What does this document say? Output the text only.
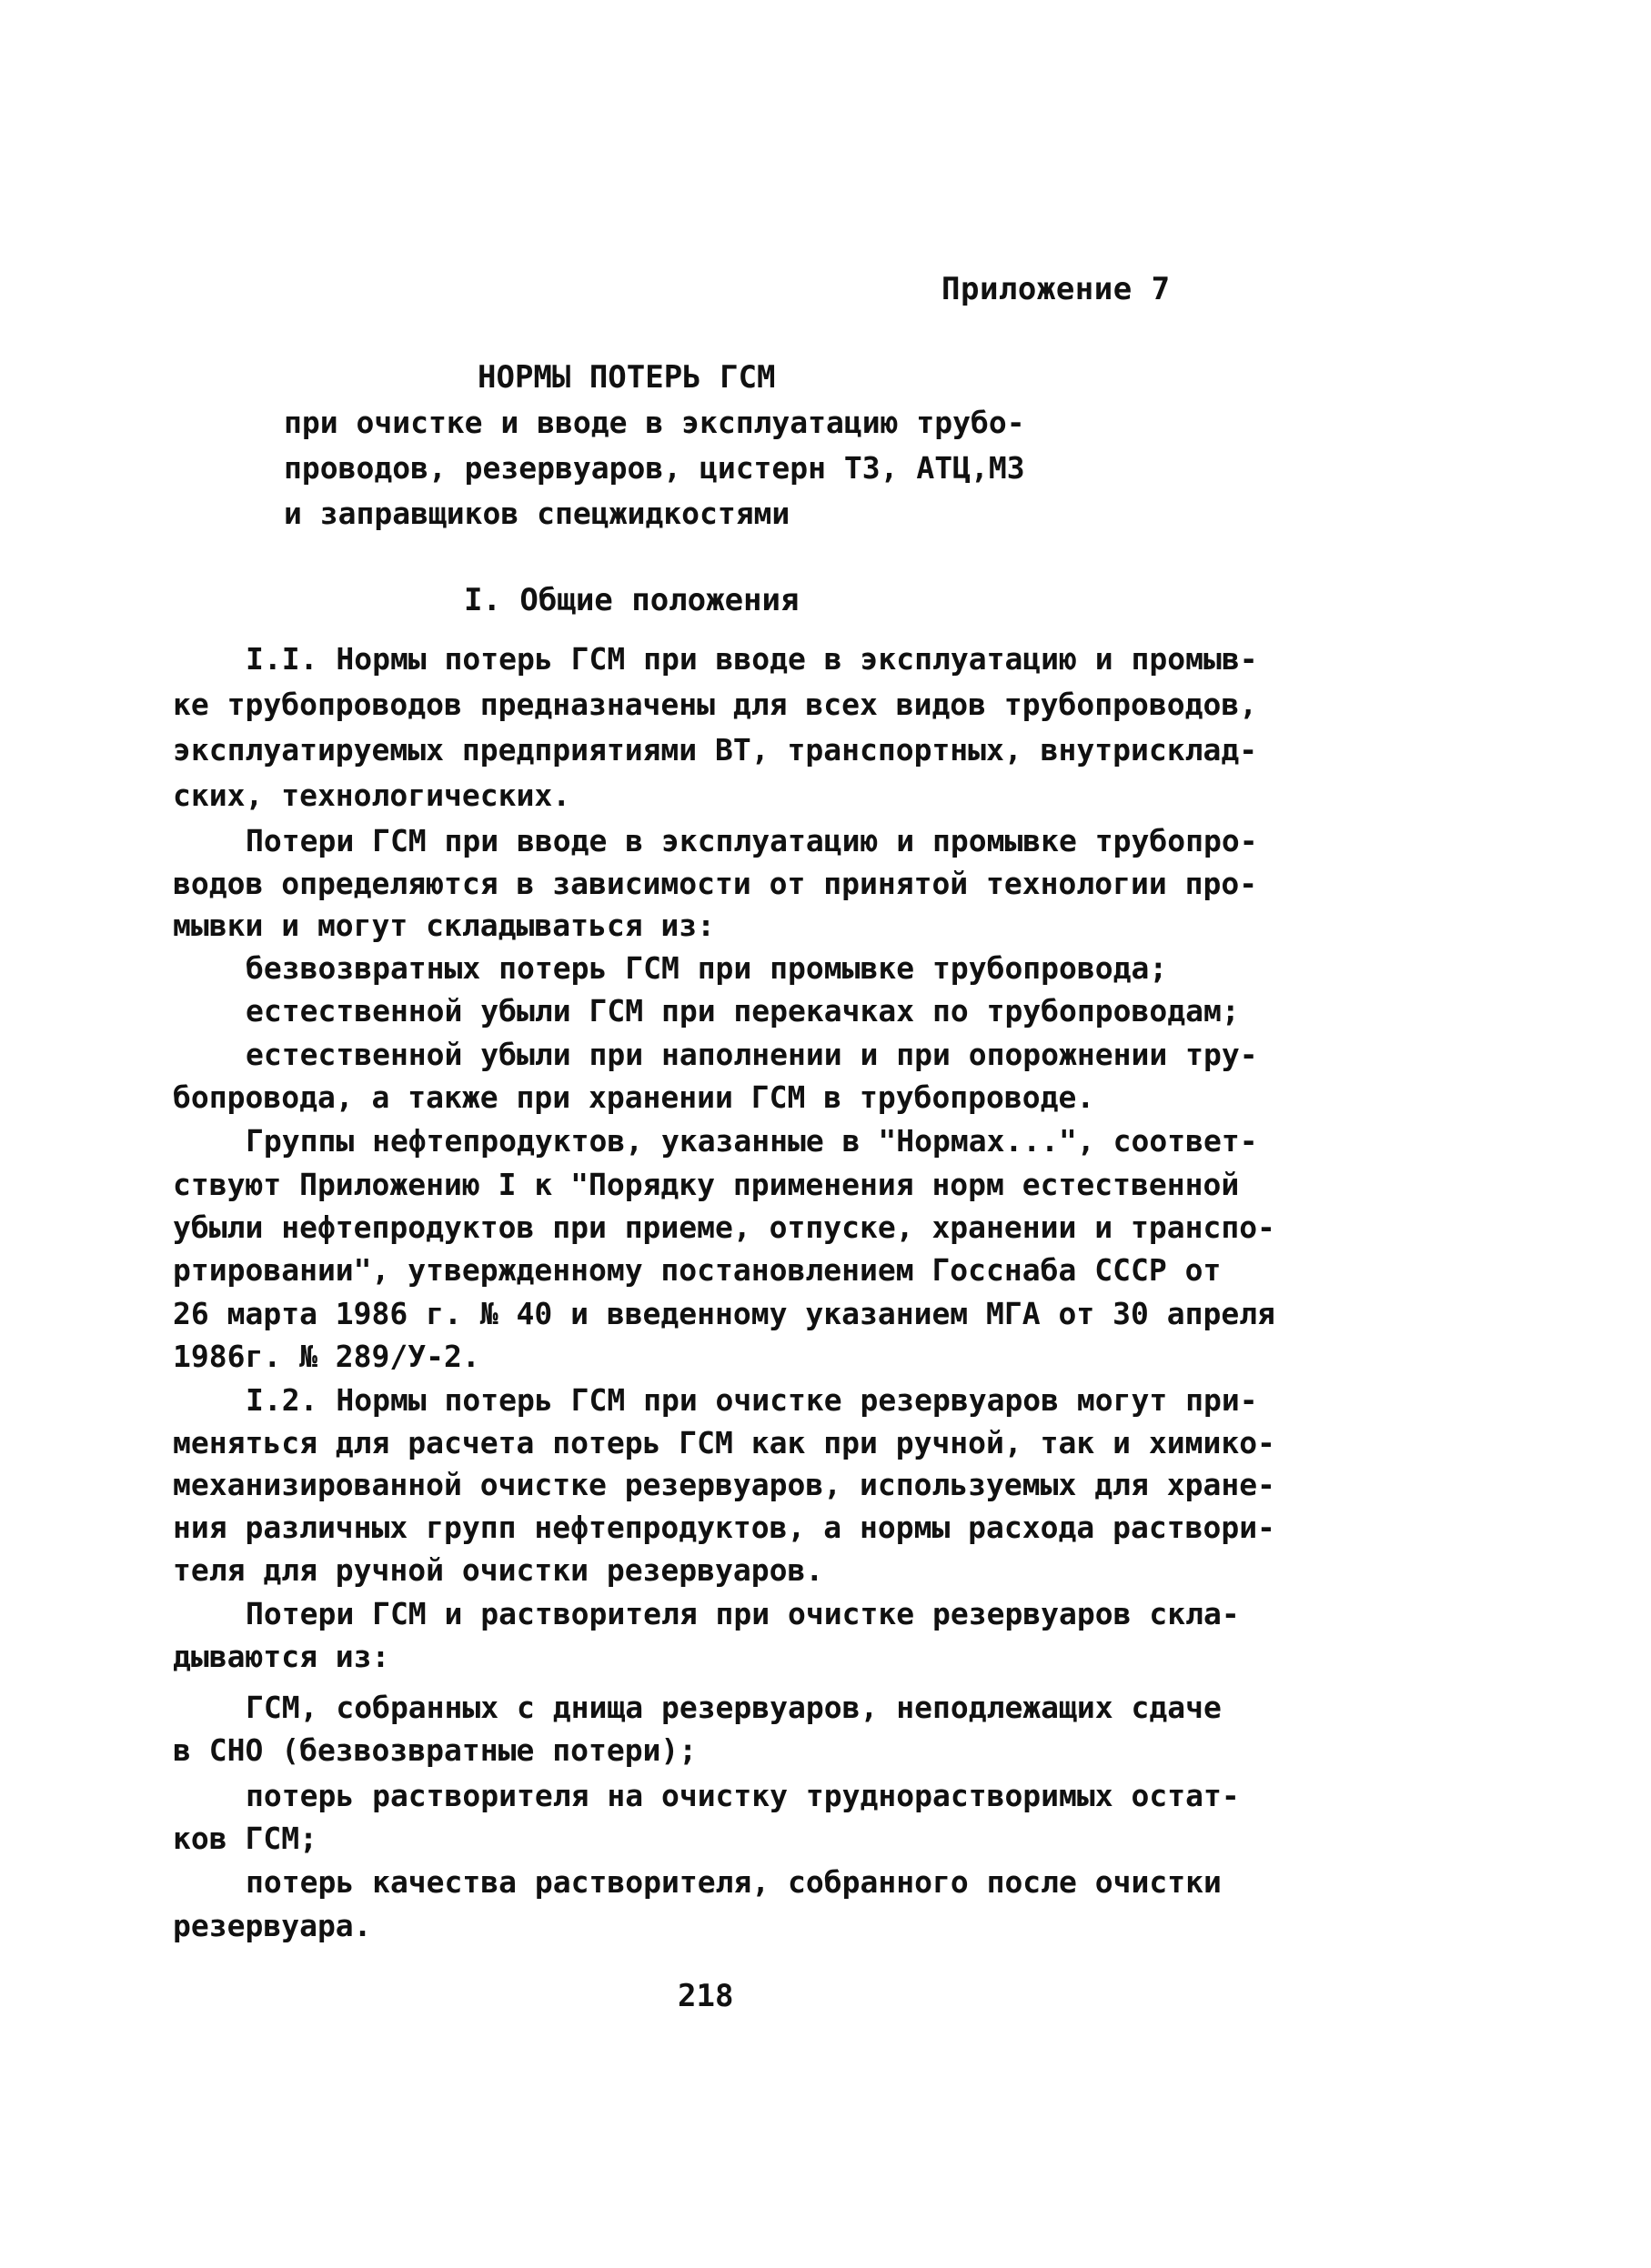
Приложение 7
НОРМЫ ПОТЕРЬ ГСМ
при очистке и вводе в эксплуатацию трубо-
проводов, резервуаров, цистерн ТЗ, АТЦ,МЗ
и заправщиков спецжидкостями
I. Общие положения
I.I. Нормы потерь ГСМ при вводе в эксплуатацию и промыв-
ке трубопроводов предназначены для всех видов трубопроводов,
эксплуатируемых предприятиями ВТ, транспортных, внутрисклад-
ских, технологических.
Потери ГСМ при вводе в эксплуатацию и промывке трубопро-
водов определяются в зависимости от принятой технологии про-
мывки и могут складываться из:
безвозвратных потерь ГСМ при промывке трубопровода;
естественной убыли ГСМ при перекачках по трубопроводам;
естественной убыли при наполнении и при опорожнении тру-
бопровода, а также при хранении ГСМ в трубопроводе.
Группы нефтепродуктов, указанные в "Нормах...", соответ-
ствуют Приложению I к "Порядку применения норм естественной
убыли нефтепродуктов при приеме, отпуске, хранении и транспо-
ртировании", утвержденному постановлением Госснаба СССР от
26 марта 1986 г. № 40 и введенному указанием МГА от 30 апреля
1986г. № 289/У-2.
I.2. Нормы потерь ГСМ при очистке резервуаров могут при-
меняться для расчета потерь ГСМ как при ручной, так и химико-
механизированной очистке резервуаров, используемых для хране-
ния различных групп нефтепродуктов, а нормы расхода раствори-
теля для ручной очистки резервуаров.
Потери ГСМ и растворителя при очистке резервуаров скла-
дываются из:
ГСМ, собранных с днища резервуаров, неподлежащих сдаче
в СНО (безвозвратные потери);
потерь растворителя на очистку труднорастворимых остат-
ков ГСМ;
потерь качества растворителя, собранного после очистки
резервуара.
218
